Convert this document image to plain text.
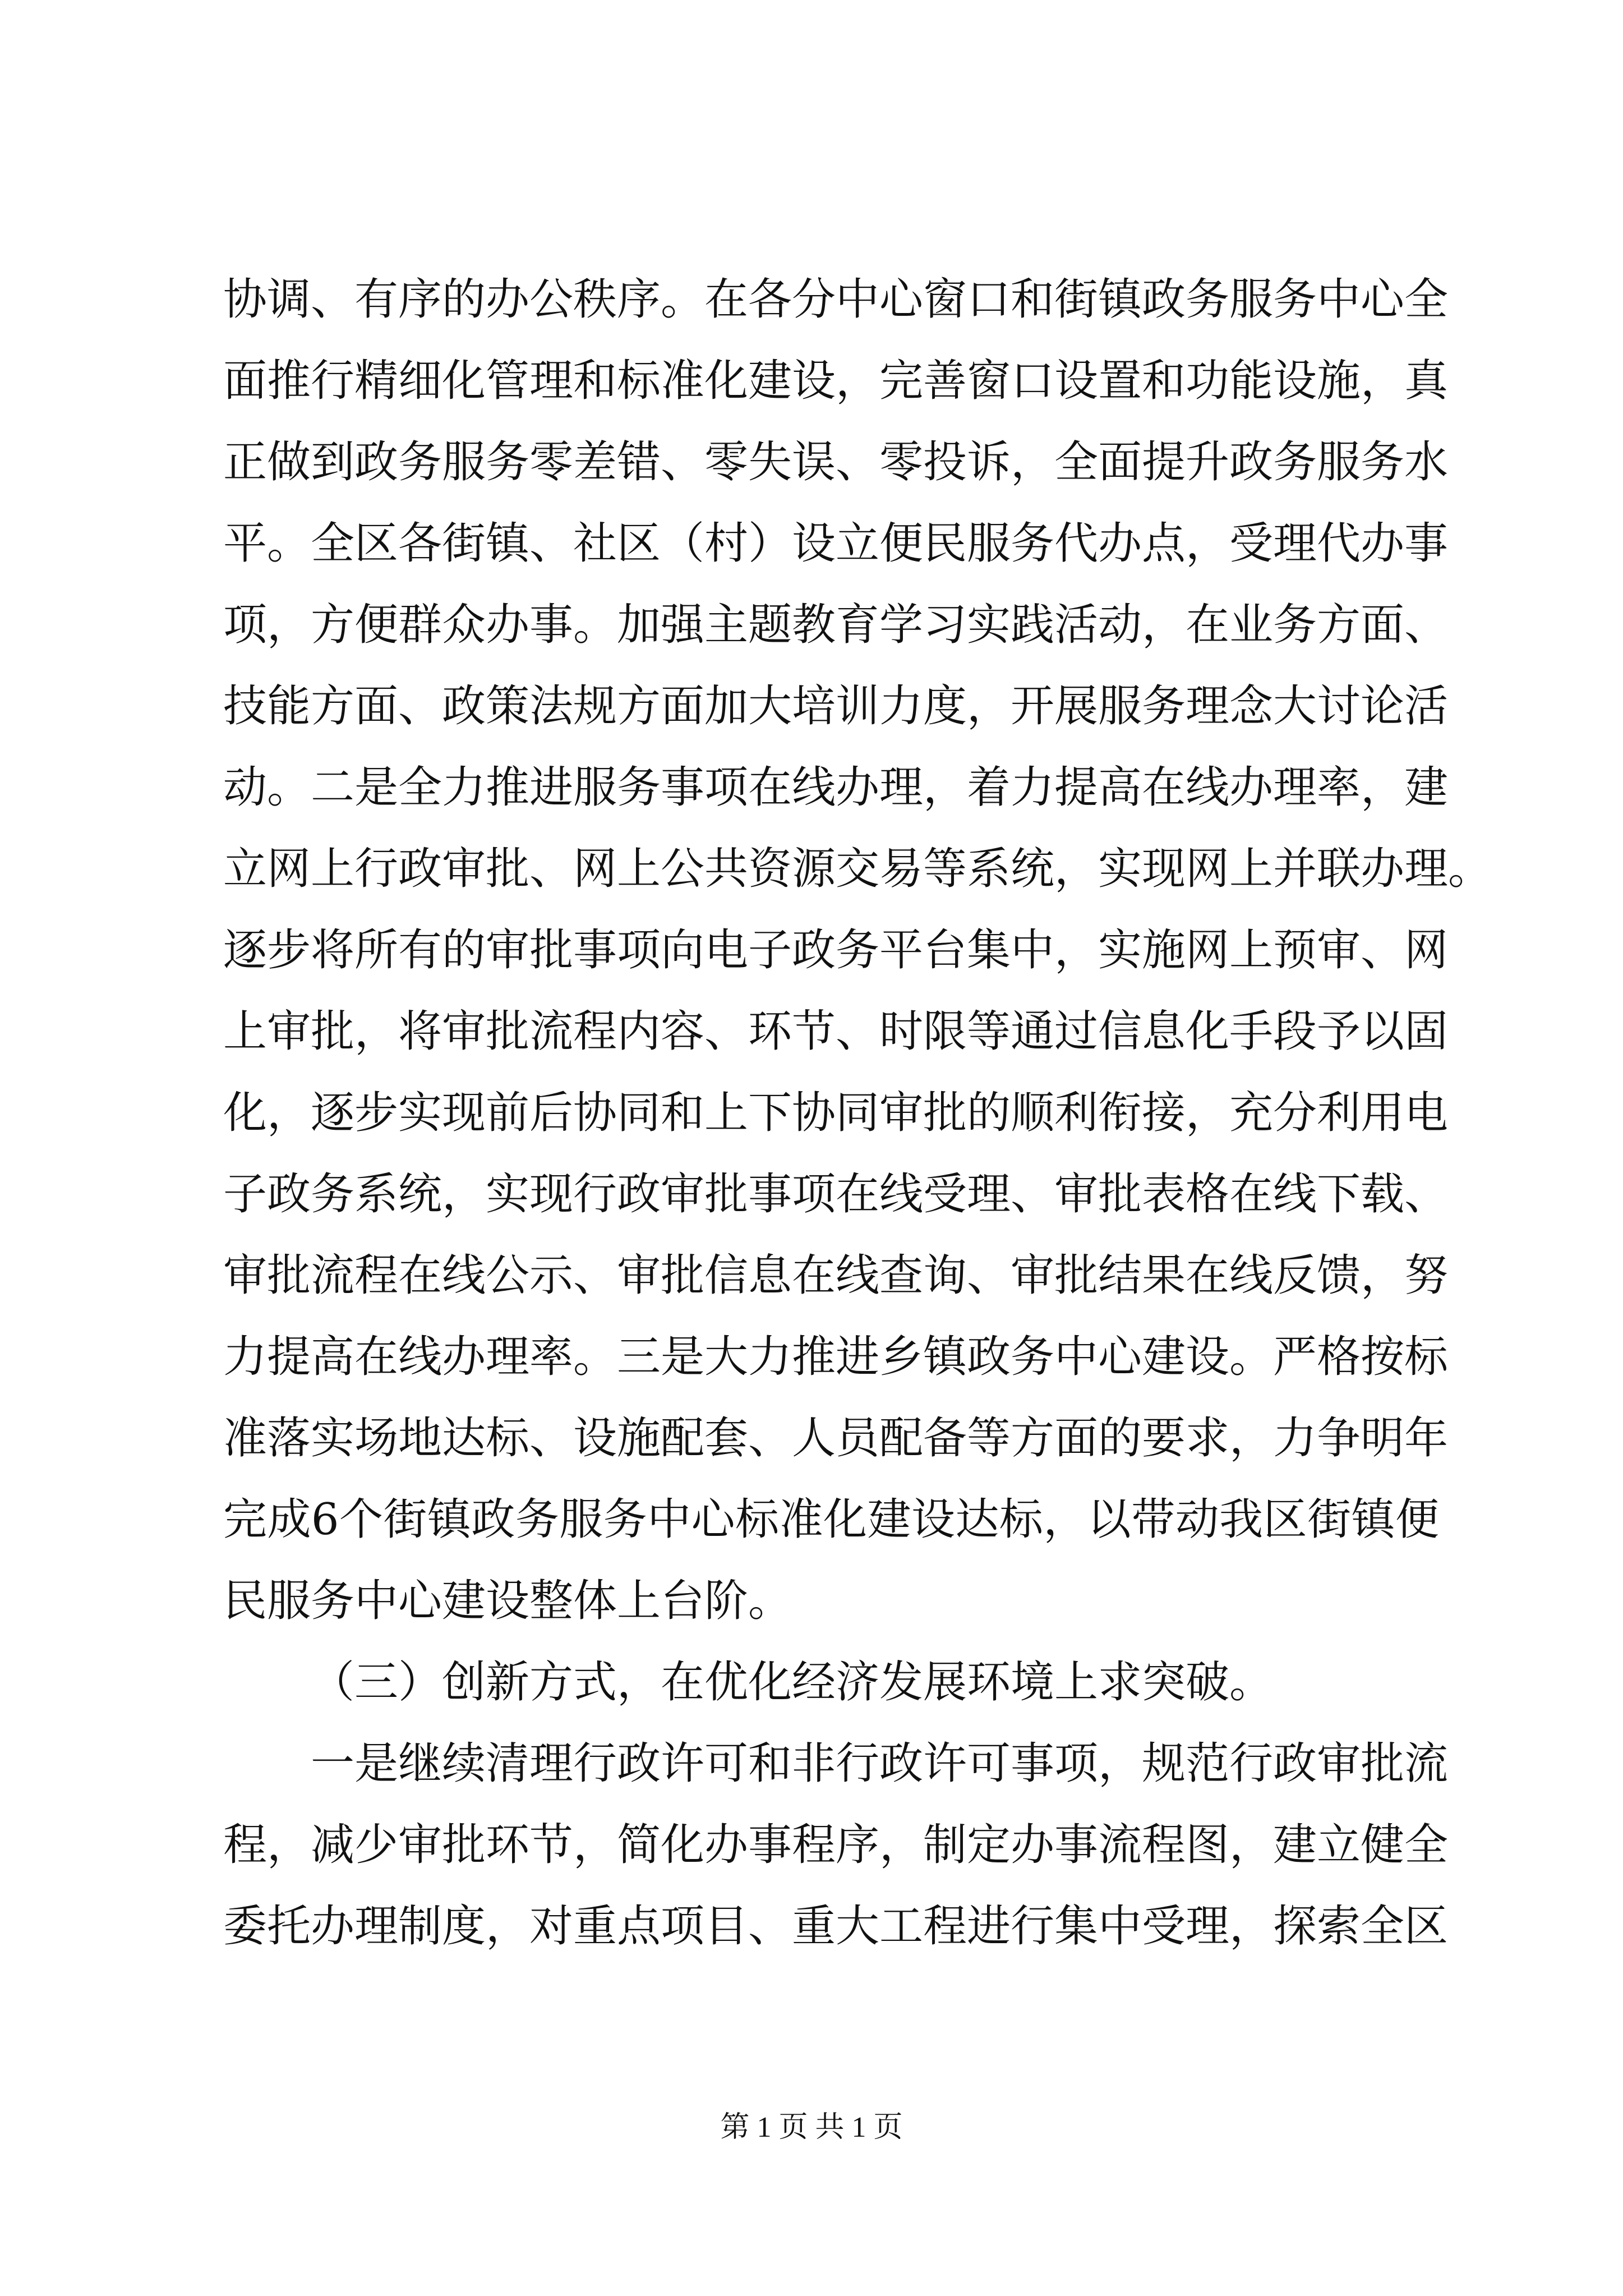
协调、有序的办公秩序。在各分中心窗口和街镇政务服务中心全
面推行精细化管理和标准化建设，完善窗口设置和功能设施，真
正做到政务服务零差错、零失误、零投诉，全面提升政务服务水
平。全区各街镇、社区（村）设立便民服务代办点，受理代办事
项，方便群众办事。加强主题教育学习实践活动，在业务方面、
技能方面、政策法规方面加大培训力度，开展服务理念大讨论活
动。二是全力推进服务事项在线办理，着力提高在线办理率，建
立网上行政审批、网上公共资源交易等系统，实现网上并联办理。
逐步将所有的审批事项向电子政务平台集中，实施网上预审、网
上审批，将审批流程内容、环节、时限等通过信息化手段予以固
化，逐步实现前后协同和上下协同审批的顺利衔接，充分利用电
子政务系统，实现行政审批事项在线受理、审批表格在线下载、
审批流程在线公示、审批信息在线查询、审批结果在线反馈，努
力提高在线办理率。三是大力推进乡镇政务中心建设。严格按标
准落实场地达标、设施配套、人员配备等方面的要求，力争明年
完成6个街镇政务服务中心标准化建设达标，以带动我区街镇便
民服务中心建设整体上台阶。
（三）创新方式，在优化经济发展环境上求突破。
一是继续清理行政许可和非行政许可事项，规范行政审批流
程，减少审批环节，简化办事程序，制定办事流程图，建立健全
委托办理制度，对重点项目、重大工程进行集中受理，探索全区
第 1 页 共 1 页
